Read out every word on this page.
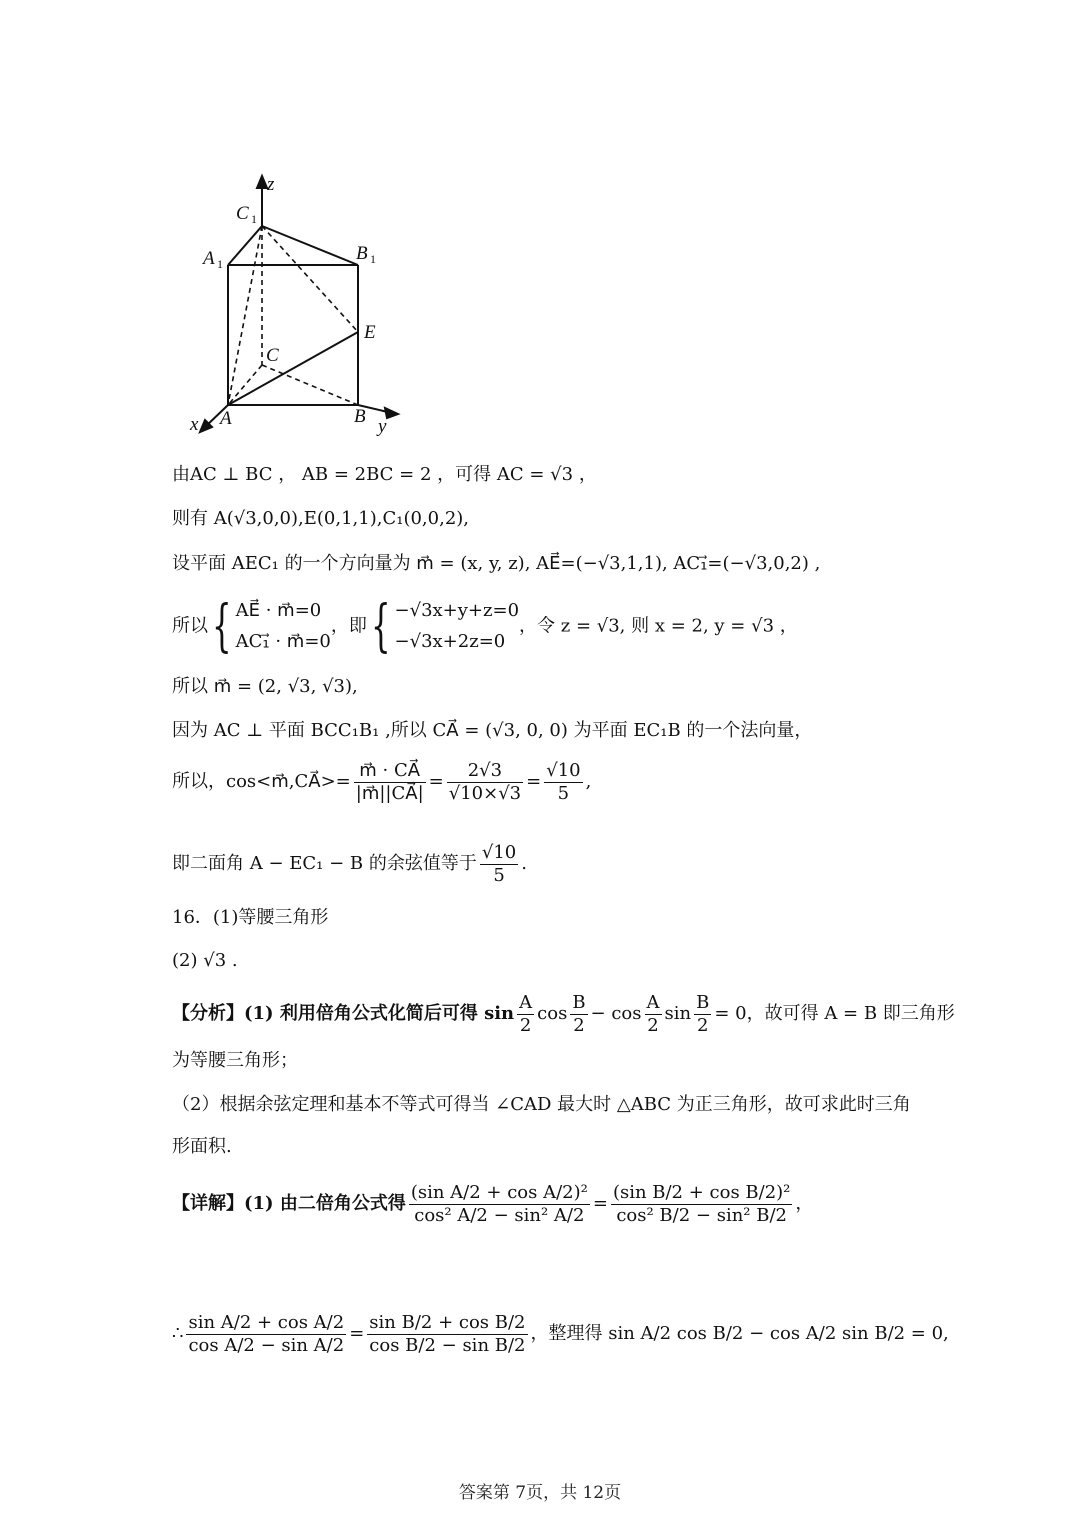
z
C 1
A 1	B 1
E
C
A	B y
x
由AC ⊥ BC ， AB = 2BC = 2 ，可得 AC = √3 ，
则有 A(√3,0,0),E(0,1,1),C₁(0,0,2),
设平面 AEC₁ 的一个方向量为 m⃗ = (x, y, z), AE⃗=(−√3,1,1), AC₁⃗=(−√3,0,2) ,
所以{ AE⃗ · m⃗=0
AC₁⃗ · m⃗=0
，即{ −√3x+y+z=0
−√3x+2z=0
，令 z = √3, 则 x = 2, y = √3 ，
所以 m⃗ = (2, √3, √3),
因为 AC ⊥ 平面 BCC₁B₁ ,所以 CA⃗ = (√3, 0, 0) 为平面 EC₁B 的一个法向量，
所以，cos<m⃗,CA⃗>= $\frac{m⃗ \cdot CA⃗}{|m⃗||CA⃗|} = \frac{2√3}{√10\times√3} = \frac{√10}{5}$ ,
即二面角 A − EC₁ − B 的余弦值等于 $\frac{√10}{5}$ .
16．(1)等腰三角形
(2) √3 .
【分析】(1) 利用倍角公式化简后可得 $\sin \frac{A}{2}$ $\cos \frac{B}{2} - \cos \frac{A}{2}$ $\sin \frac{B}{2} = 0$，故可得 A = B 即三角形
为等腰三角形；
（2）根据余弦定理和基本不等式可得当 ∠CAD 最大时 △ABC 为正三角形，故可求此时三角
形面积.
【详解】(1) 由二倍角公式得 $\frac{\text{(sin A/2 + cos A/2)²}}{\text{cos² A/2 − sin² A/2}} = \frac{\text{(sin B/2 + cos B/2)²}}{\text{cos² B/2 − sin² B/2}}$ ，
∴ $\frac{\text{sin A/2 + cos A/2}}{\text{cos A/2 − sin A/2}} = \frac{\text{sin B/2 + cos B/2}}{\text{cos B/2 − sin B/2}}$ ，整理得 sin A/2 cos B/2 − cos A/2 sin B/2 = 0,
答案第 7页，共 12页
